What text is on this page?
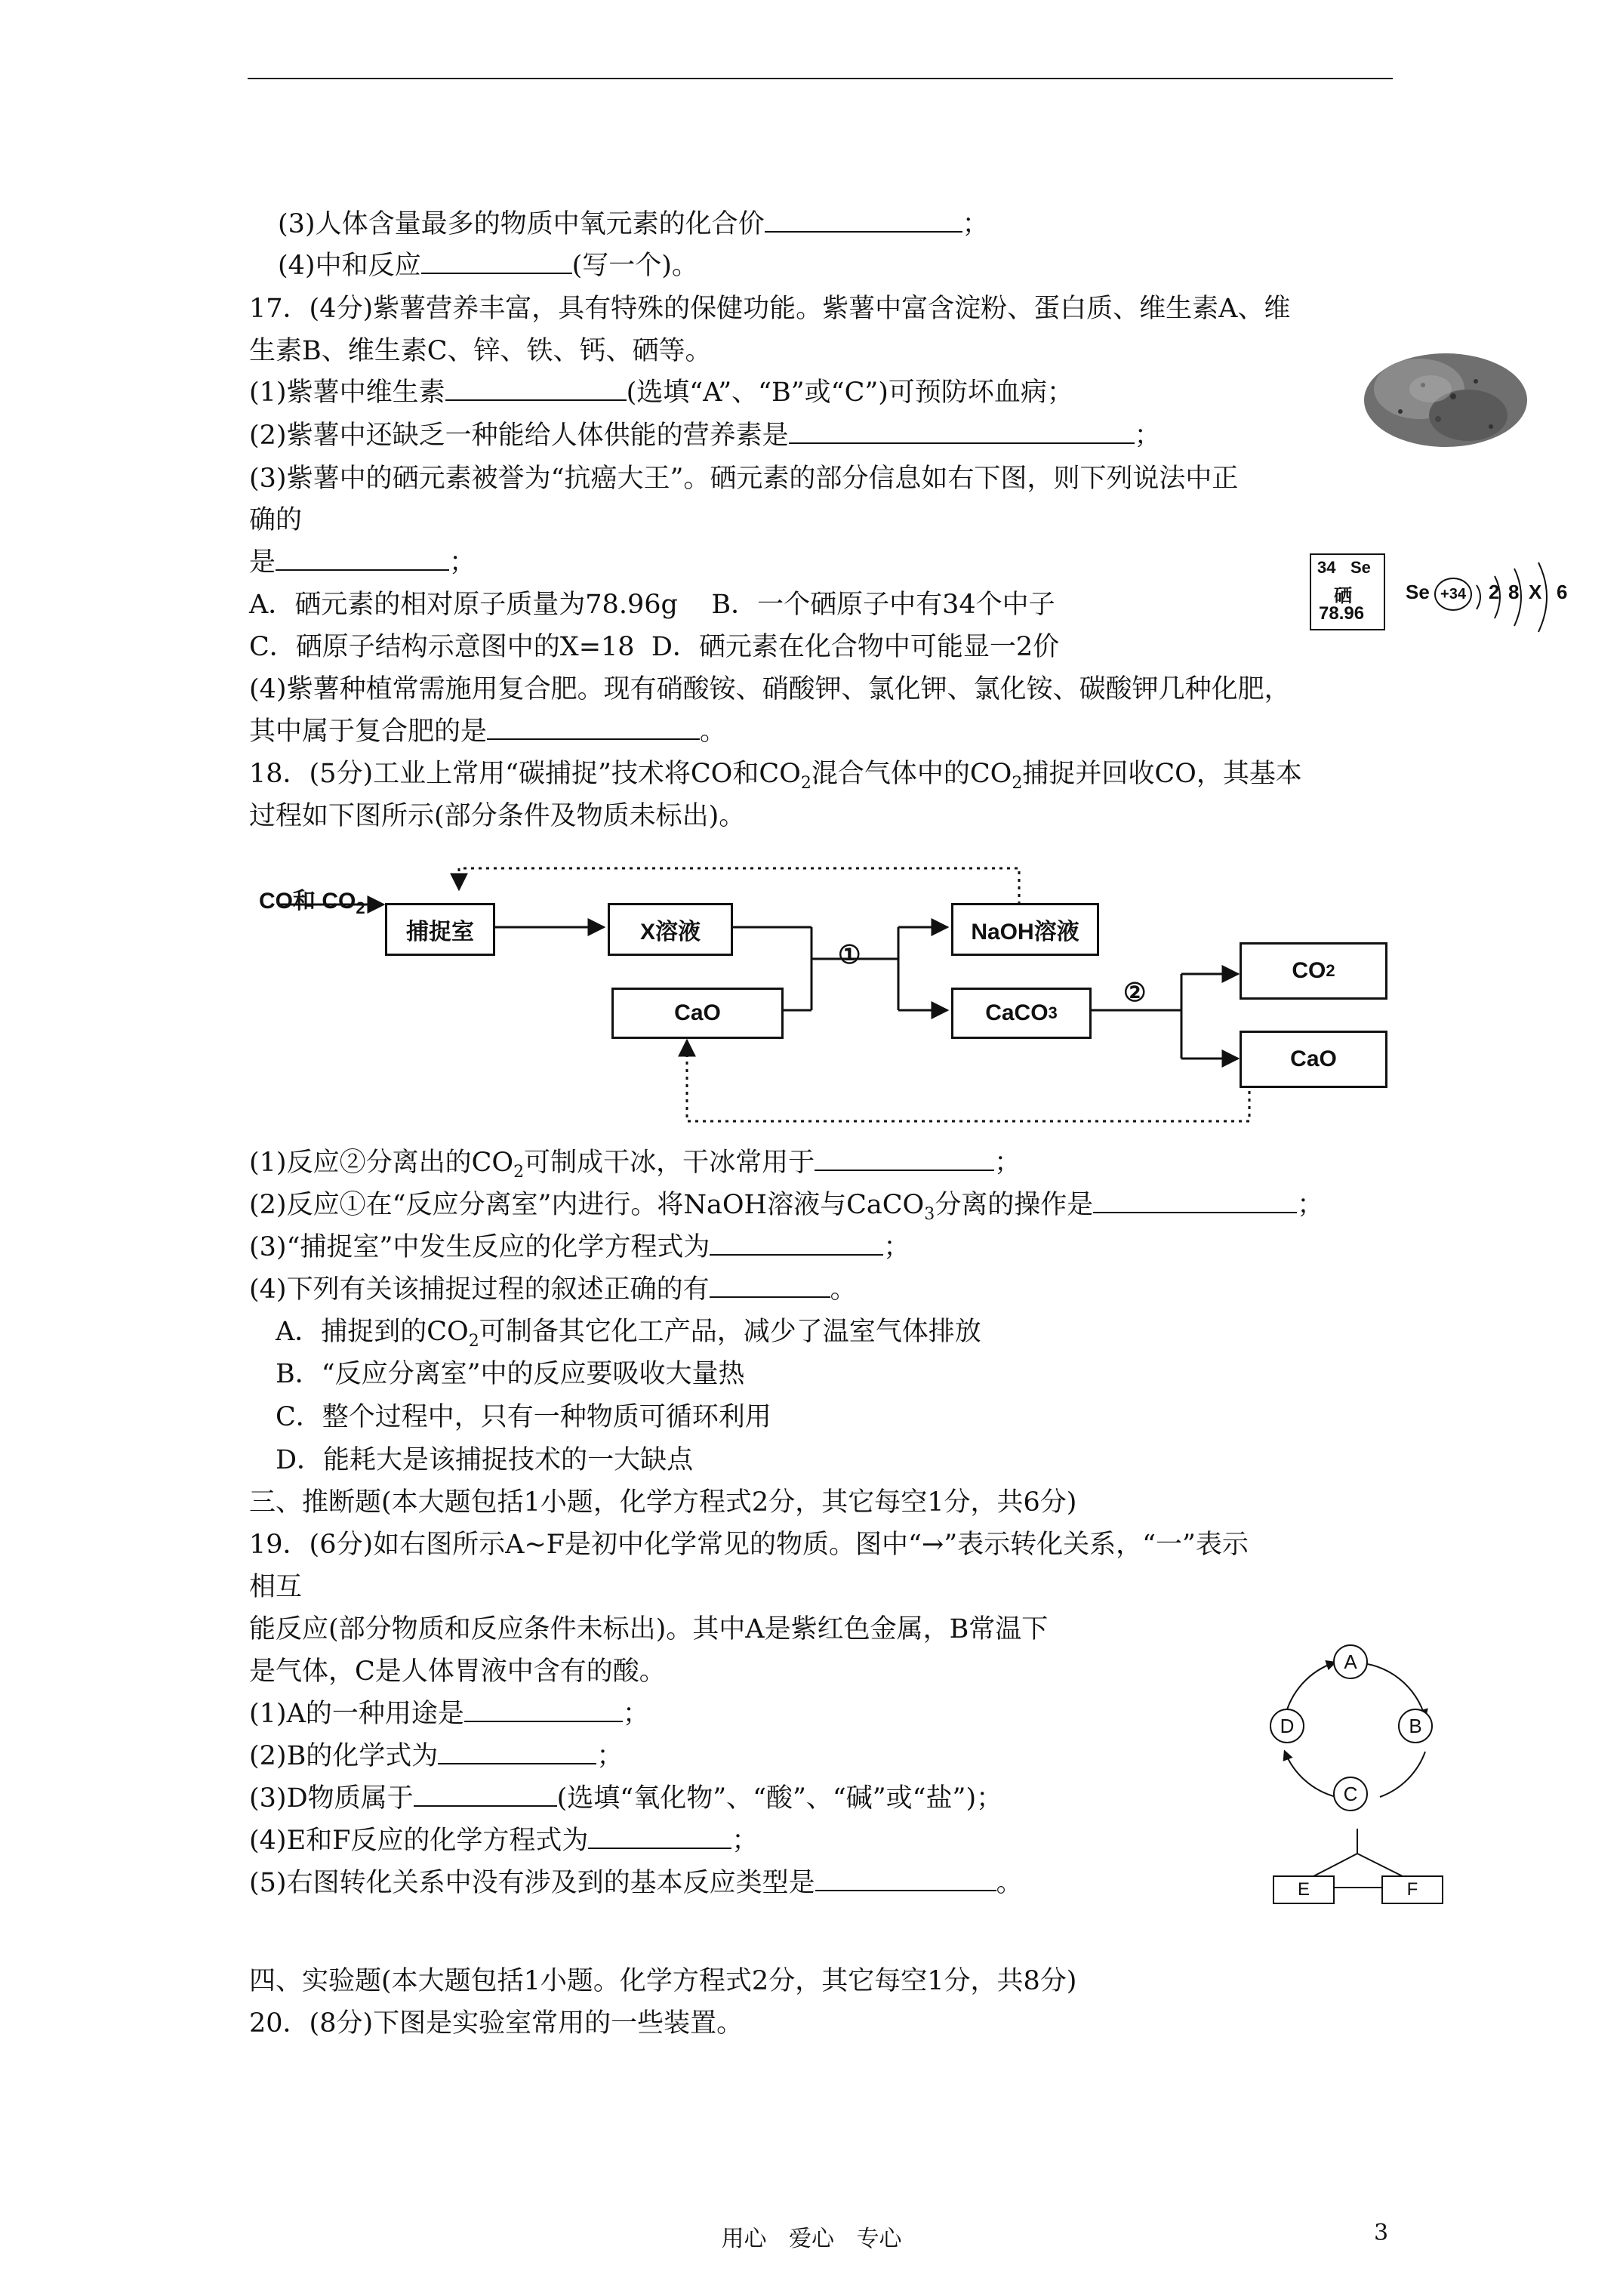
(3)人体含量最多的物质中氧元素的化合价	；
(4)中和反应	(写一个)。
17．(4分)紫薯营养丰富，具有特殊的保健功能。紫薯中富含淀粉、蛋白质、维生素A、维
生素B、维生素C、锌、铁、钙、硒等。
(1)紫薯中维生素	(选填“A”、“B”或“C”)可预防坏血病；
(2)紫薯中还缺乏一种能给人体供能的营养素是	；
(3)紫薯中的硒元素被誉为“抗癌大王”。硒元素的部分信息如右下图，则下列说法中正
确的
是	；
A．硒元素的相对原子质量为78.96g B．一个硒原子中有34个中子
C．硒原子结构示意图中的X=18 D．硒元素在化合物中可能显一2价
(4)紫薯种植常需施用复合肥。现有硝酸铵、硝酸钾、氯化钾、氯化铵、碳酸钾几种化肥，
其中属于复合肥的是	。
34 Se
硒
78.96
Se +34	2 8 X 6
18．(5分)工业上常用“碳捕捉”技术将CO和$CO_2$混合气体中的$CO_2$捕捉并回收CO，其基本
过程如下图所示(部分条件及物质未标出)。
CO和 $CO_2$
捕捉室	X溶液
CaO
①
NaOH溶液
CaCO 3
②
CO 2
CaO
(1)反应②分离出的$CO_2$可制成干冰，干冰常用于	；
(2)反应①在“反应分离室”内进行。将NaOH溶液与CaCO$_3$分离的操作是	；
(3)“捕捉室”中发生反应的化学方程式为	；
(4)下列有关该捕捉过程的叙述正确的有	。
A．捕捉到的$CO_2$可制备其它化工产品，减少了温室气体排放
B．“反应分离室”中的反应要吸收大量热
C．整个过程中，只有一种物质可循环利用
D．能耗大是该捕捉技术的一大缺点
三、推断题(本大题包括1小题，化学方程式2分，其它每空1分，共6分)
19．(6分)如右图所示A~F是初中化学常见的物质。图中“→”表示转化关系，“一”表示
相互
能反应(部分物质和反应条件未标出)。其中A是紫红色金属，B常温下
是气体，C是人体胃液中含有的酸。
(1)A的一种用途是	；
(2)B的化学式为	；
(3)D物质属于	(选填“氧化物”、“酸”、“碱”或“盐”)；
(4)E和F反应的化学方程式为	；
(5)右图转化关系中没有涉及到的基本反应类型是	。
A
B
C
D
E	F
四、实验题(本大题包括1小题。化学方程式2分，其它每空1分，共8分)
20．(8分)下图是实验室常用的一些装置。
用心 爱心 专心	3
